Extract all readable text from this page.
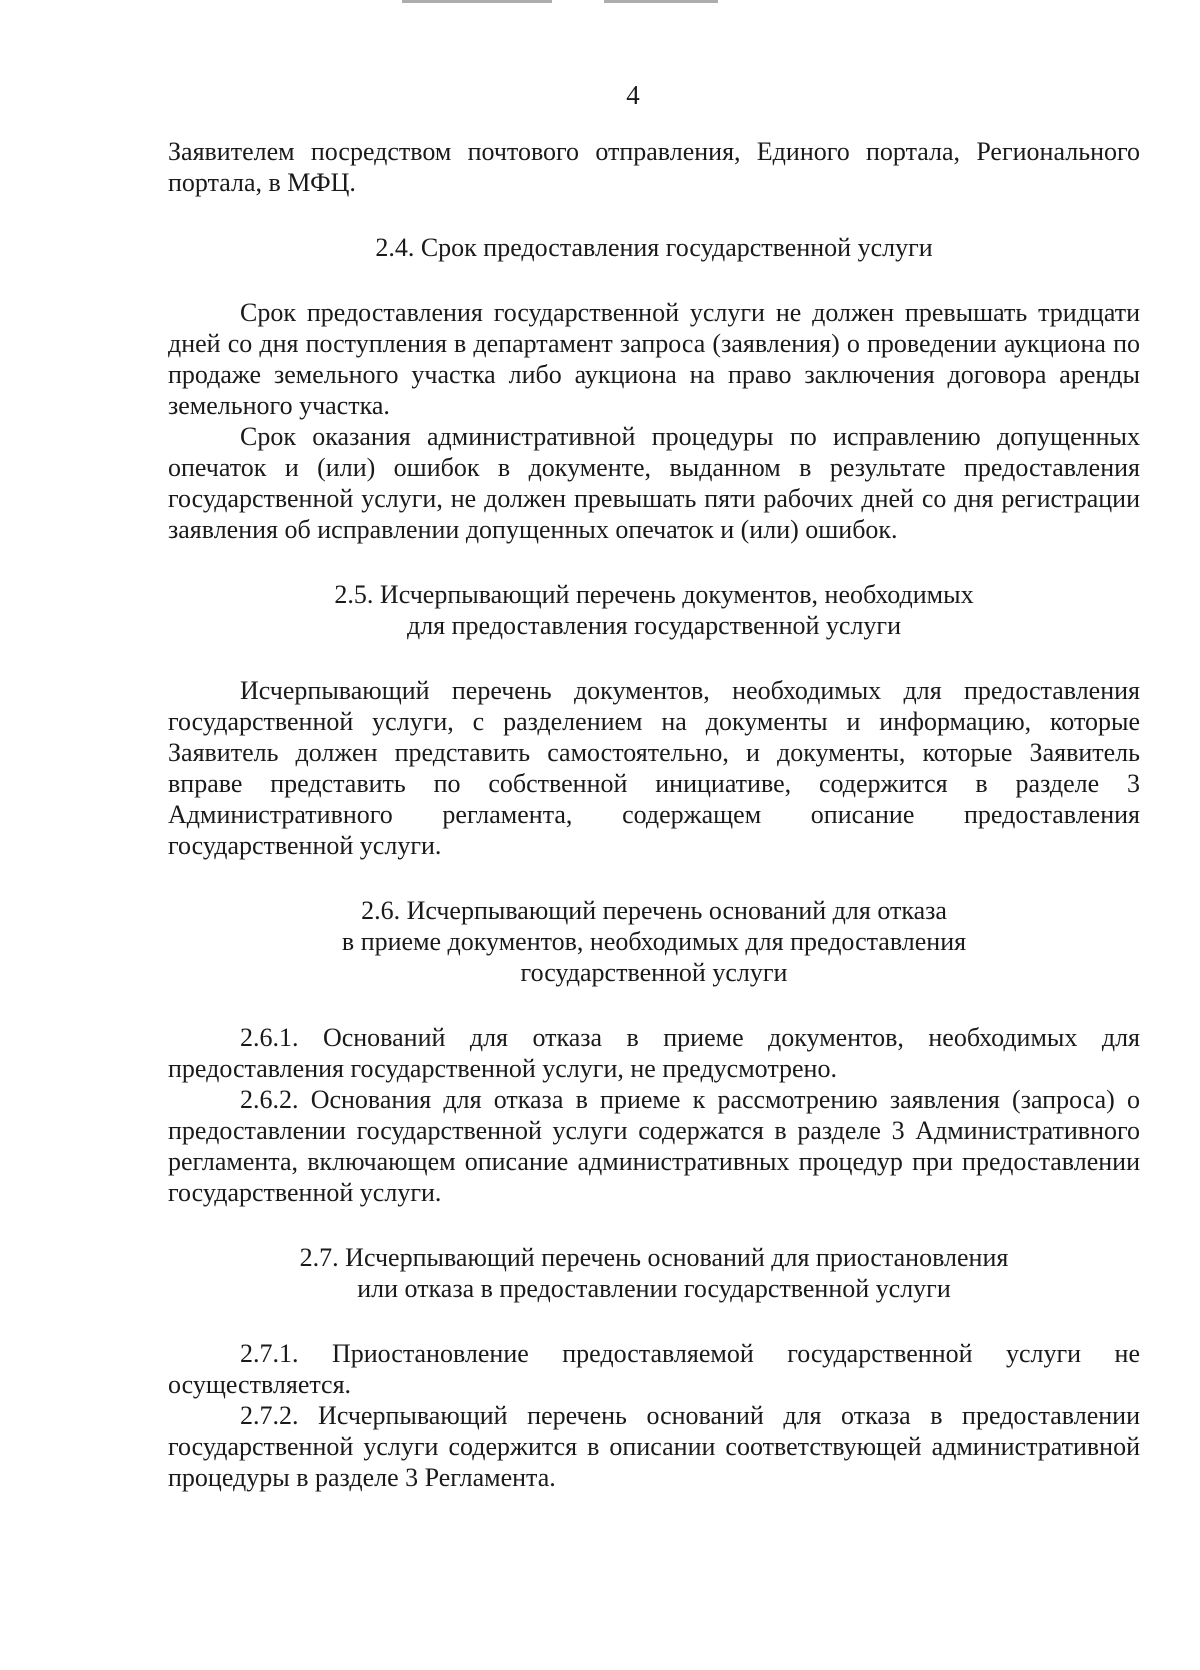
4

Заявителем посредством почтового отправления, Единого портала, Регионального портала, в МФЦ.

2.4. Срок предоставления государственной услуги

Срок предоставления государственной услуги не должен превышать тридцати дней со дня поступления в департамент запроса (заявления) о проведении аукциона по продаже земельного участка либо аукциона на право заключения договора аренды земельного участка.

Срок оказания административной процедуры по исправлению допущенных опечаток и (или) ошибок в документе, выданном в результате предоставления государственной услуги, не должен превышать пяти рабочих дней со дня регистрации заявления об исправлении допущенных опечаток и (или) ошибок.

2.5. Исчерпывающий перечень документов, необходимых
для предоставления государственной услуги

Исчерпывающий перечень документов, необходимых для предоставления государственной услуги, с разделением на документы и информацию, которые Заявитель должен представить самостоятельно, и документы, которые Заявитель вправе представить по собственной инициативе, содержится в разделе 3 Административного регламента, содержащем описание предоставления государственной услуги.

2.6. Исчерпывающий перечень оснований для отказа
в приеме документов, необходимых для предоставления
государственной услуги

2.6.1. Оснований для отказа в приеме документов, необходимых для предоставления государственной услуги, не предусмотрено.

2.6.2. Основания для отказа в приеме к рассмотрению заявления (запроса) о предоставлении государственной услуги содержатся в разделе 3 Административного регламента, включающем описание административных процедур при предоставлении государственной услуги.

2.7. Исчерпывающий перечень оснований для приостановления
или отказа в предоставлении государственной услуги

2.7.1. Приостановление предоставляемой государственной услуги не осуществляется.

2.7.2. Исчерпывающий перечень оснований для отказа в предоставлении государственной услуги содержится в описании соответствующей административной процедуры в разделе 3 Регламента.
